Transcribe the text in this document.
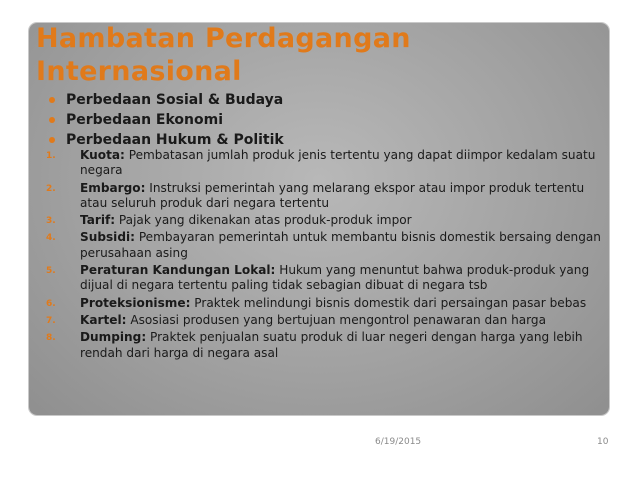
Hambatan Perdagangan
Internasional
Perbedaan Sosial & Budaya
Perbedaan Ekonomi
Perbedaan Hukum & Politik
1. Kuota: Pembatasan jumlah produk jenis tertentu yang dapat diimpor kedalam suatu negara
2. Embargo: Instruksi pemerintah yang melarang ekspor atau impor produk tertentu atau seluruh produk dari negara tertentu
3. Tarif: Pajak yang dikenakan atas produk-produk impor
4. Subsidi: Pembayaran pemerintah untuk membantu bisnis domestik bersaing dengan perusahaan asing
5. Peraturan Kandungan Lokal: Hukum yang menuntut bahwa produk-produk yang dijual di negara tertentu paling tidak sebagian dibuat di negara tsb
6. Proteksionisme: Praktek melindungi bisnis domestik dari persaingan pasar bebas
7. Kartel: Asosiasi produsen yang bertujuan mengontrol penawaran dan harga
8. Dumping: Praktek penjualan suatu produk di luar negeri dengan harga yang lebih rendah dari harga di negara asal
6/19/2015	10
